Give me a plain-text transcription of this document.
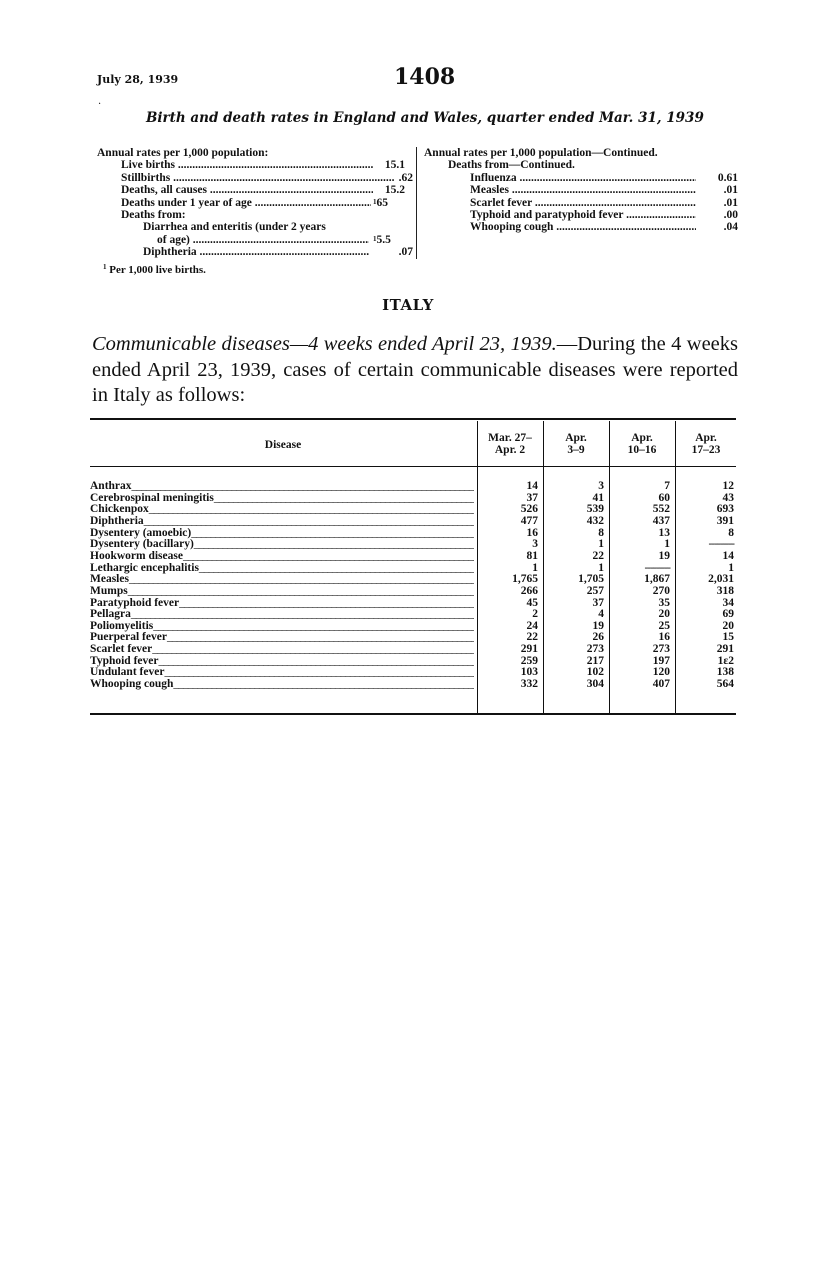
July 28, 1939	1408
.
Birth and death rates in England and Wales, quarter ended Mar. 31, 1939
Annual rates per 1,000 population:
Live births .....	15.1
Stillbirths .....	.62
Deaths, all causes .....	15.2
Deaths under 1 year of age .....	$^1$65
Deaths from:
Diarrhea and enteritis (under 2 years
of age) .....	$^1$5.5
Diphtheria .....	.07
Annual rates per 1,000 population—Continued.
Deaths from—Continued.
Influenza .....	0.61
Measles .....	.01
Scarlet fever .....	.01
Typhoid and paratyphoid fever .....	.00
Whooping cough .....	.04
$^1$ Per 1,000 live births.
ITALY
Communicable diseases—4 weeks ended April 23, 1939.—During the 4 weeks ended April 23, 1939, cases of certain communicable diseases were reported in Italy as follows:
Disease
Mar. 27–
Apr. 2
Apr.
3–9
Apr.
10–16
Apr.
17–23
Anthrax _____	14	3	7	12
Cerebrospinal meningitis _____	37	41	60	43
Chickenpox _____	526	539	552	693
Diphtheria _____	477	432	437	391
Dysentery (amoebic) _____	16	8	13	8
Dysentery (bacillary) _____	3	1	1	---------
Hookworm disease _____	81	22	19	14
Lethargic encephalitis _____	1	1	---------	1
Measles _____	1,765	1,705	1,867	2,031
Mumps _____	266	257	270	318
Paratyphoid fever _____	45	37	35	34
Pellagra _____	2	4	20	69
Poliomyelitis _____	24	19	25	20
Puerperal fever _____	22	26	16	15
Scarlet fever _____	291	273	273	291
Typhoid fever _____	259	217	197	1ε2
Undulant fever _____	103	102	120	138
Whooping cough _____	332	304	407	564
